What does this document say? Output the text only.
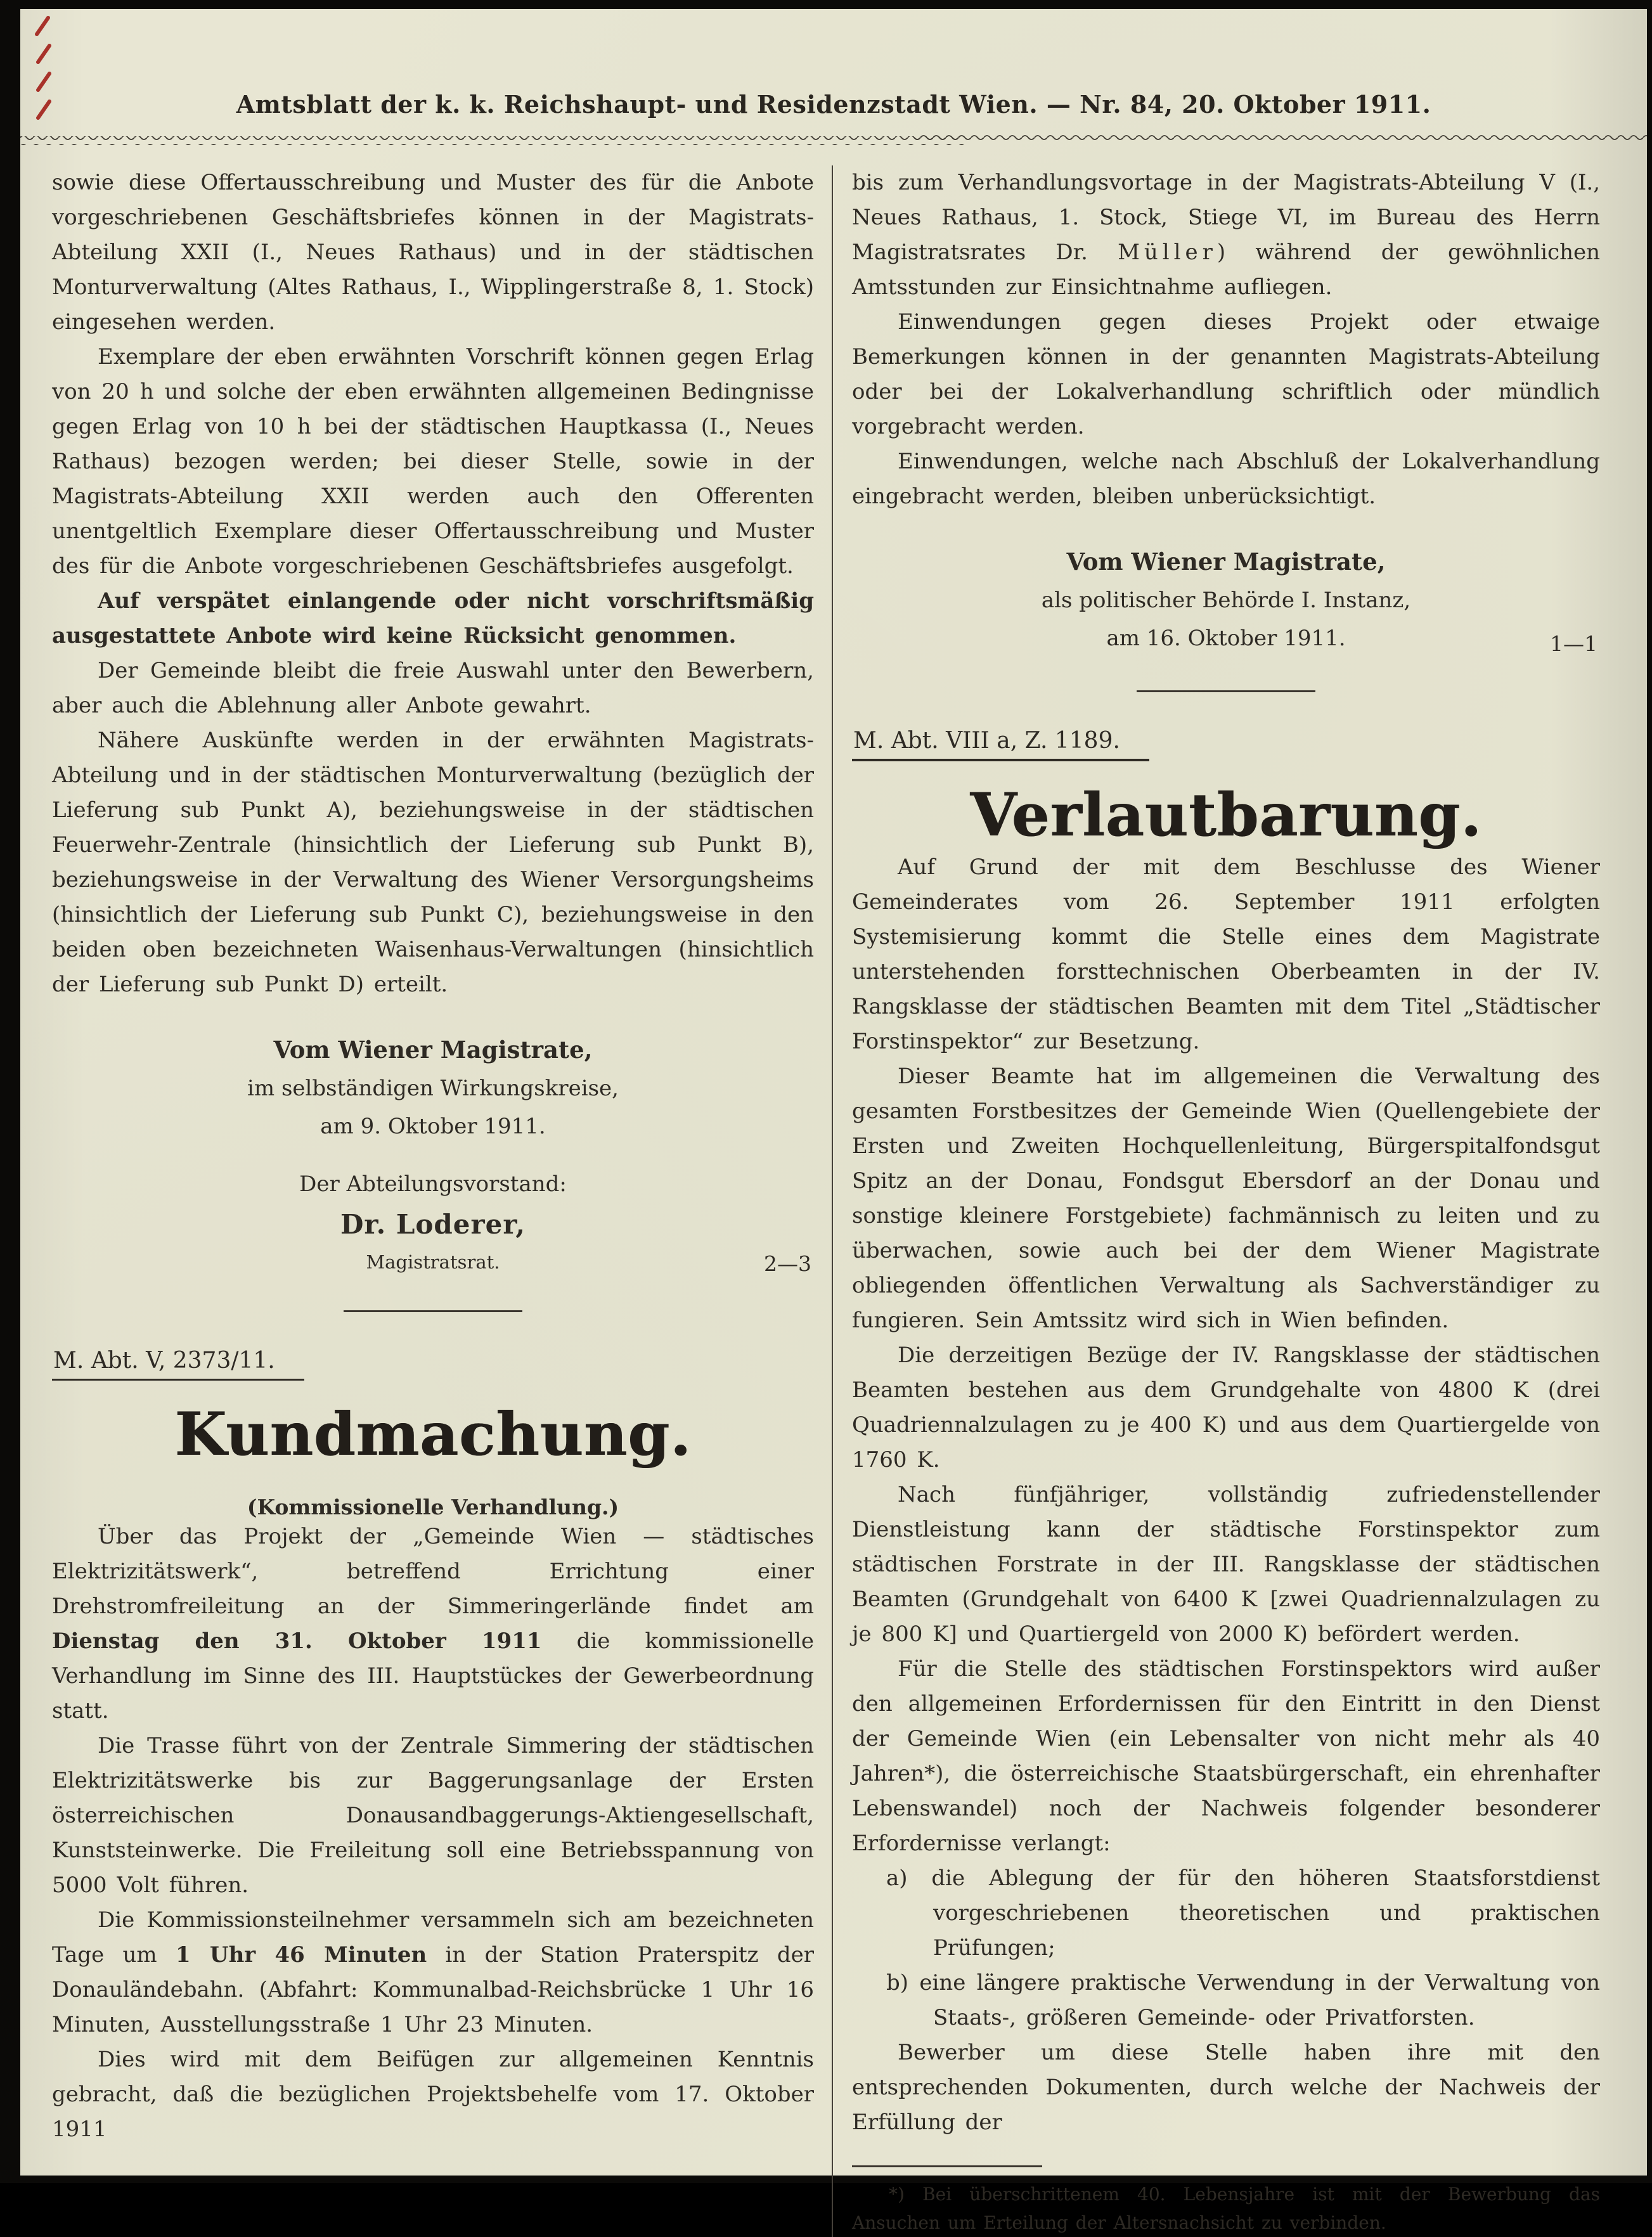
Amtsblatt der k. k. Reichshaupt- und Residenzstadt Wien. — Nr. 84, 20. Oktober 1911.

sowie diese Offertausschreibung und Muster des für die Anbote vorgeschriebenen Geschäftsbriefes können in der Magistrats-Abteilung XXII (I., Neues Rathaus) und in der städtischen Monturverwaltung (Altes Rathaus, I., Wipplingerstraße 8, 1. Stock) eingesehen werden.

Exemplare der eben erwähnten Vorschrift können gegen Erlag von 20 h und solche der eben erwähnten allgemeinen Bedingnisse gegen Erlag von 10 h bei der städtischen Hauptkassa (I., Neues Rathaus) bezogen werden; bei dieser Stelle, sowie in der Magistrats-Abteilung XXII werden auch den Offerenten unentgeltlich Exemplare dieser Offertausschreibung und Muster des für die Anbote vorgeschriebenen Geschäftsbriefes ausgefolgt.

Auf verspätet einlangende oder nicht vorschriftsmäßig ausgestattete Anbote wird keine Rücksicht genommen.

Der Gemeinde bleibt die freie Auswahl unter den Bewerbern, aber auch die Ablehnung aller Anbote gewahrt.

Nähere Auskünfte werden in der erwähnten Magistrats-Abteilung und in der städtischen Monturverwaltung (bezüglich der Lieferung sub Punkt A), beziehungsweise in der städtischen Feuerwehr-Zentrale (hinsichtlich der Lieferung sub Punkt B), beziehungsweise in der Verwaltung des Wiener Versorgungsheims (hinsichtlich der Lieferung sub Punkt C), beziehungsweise in den beiden oben bezeichneten Waisenhaus-Verwaltungen (hinsichtlich der Lieferung sub Punkt D) erteilt.

Vom Wiener Magistrate,
im selbständigen Wirkungskreise,
am 9. Oktober 1911.
Der Abteilungsvorstand:
Dr. Loderer,
Magistratsrat.	2—3
M. Abt. V, 2373/11.
Kundmachung.
(Kommissionelle Verhandlung.)

Über das Projekt der „Gemeinde Wien — städtisches Elektrizitätswerk“, betreffend Errichtung einer Drehstromfreileitung an der Simmeringerlände findet am Dienstag den 31. Oktober 1911 die kommissionelle Verhandlung im Sinne des III. Hauptstückes der Gewerbeordnung statt.

Die Trasse führt von der Zentrale Simmering der städtischen Elektrizitätswerke bis zur Baggerungsanlage der Ersten österreichischen Donausandbaggerungs-Aktiengesellschaft, Kunststeinwerke. Die Freileitung soll eine Betriebsspannung von 5000 Volt führen.

Die Kommissionsteilnehmer versammeln sich am bezeichneten Tage um 1 Uhr 46 Minuten in der Station Praterspitz der Donauländebahn. (Abfahrt: Kommunalbad-Reichsbrücke 1 Uhr 16 Minuten, Ausstellungsstraße 1 Uhr 23 Minuten.

Dies wird mit dem Beifügen zur allgemeinen Kenntnis gebracht, daß die bezüglichen Projektsbehelfe vom 17. Oktober 1911

bis zum Verhandlungsvortage in der Magistrats-Abteilung V (I., Neues Rathaus, 1. Stock, Stiege VI, im Bureau des Herrn Magistratsrates Dr. Müller) während der gewöhnlichen Amtsstunden zur Einsichtnahme aufliegen.

Einwendungen gegen dieses Projekt oder etwaige Bemerkungen können in der genannten Magistrats-Abteilung oder bei der Lokalverhandlung schriftlich oder mündlich vorgebracht werden.

Einwendungen, welche nach Abschluß der Lokalverhandlung eingebracht werden, bleiben unberücksichtigt.

Vom Wiener Magistrate,
als politischer Behörde I. Instanz,
am 16. Oktober 1911.	1—1
M. Abt. VIII a, Z. 1189.
Verlautbarung.

Auf Grund der mit dem Beschlusse des Wiener Gemeinderates vom 26. September 1911 erfolgten Systemisierung kommt die Stelle eines dem Magistrate unterstehenden forsttechnischen Oberbeamten in der IV. Rangsklasse der städtischen Beamten mit dem Titel „Städtischer Forstinspektor“ zur Besetzung.

Dieser Beamte hat im allgemeinen die Verwaltung des gesamten Forstbesitzes der Gemeinde Wien (Quellengebiete der Ersten und Zweiten Hochquellenleitung, Bürgerspitalfondsgut Spitz an der Donau, Fondsgut Ebersdorf an der Donau und sonstige kleinere Forstgebiete) fachmännisch zu leiten und zu überwachen, sowie auch bei der dem Wiener Magistrate obliegenden öffentlichen Verwaltung als Sachverständiger zu fungieren. Sein Amtssitz wird sich in Wien befinden.

Die derzeitigen Bezüge der IV. Rangsklasse der städtischen Beamten bestehen aus dem Grundgehalte von 4800 K (drei Quadriennalzulagen zu je 400 K) und aus dem Quartiergelde von 1760 K.

Nach fünfjähriger, vollständig zufriedenstellender Dienstleistung kann der städtische Forstinspektor zum städtischen Forstrate in der III. Rangsklasse der städtischen Beamten (Grundgehalt von 6400 K [zwei Quadriennalzulagen zu je 800 K] und Quartiergeld von 2000 K) befördert werden.

Für die Stelle des städtischen Forstinspektors wird außer den allgemeinen Erfordernissen für den Eintritt in den Dienst der Gemeinde Wien (ein Lebensalter von nicht mehr als 40 Jahren*), die österreichische Staatsbürgerschaft, ein ehrenhafter Lebenswandel) noch der Nachweis folgender besonderer Erfordernisse verlangt:

a) die Ablegung der für den höheren Staatsforstdienst vorgeschriebenen theoretischen und praktischen Prüfungen;

b) eine längere praktische Verwendung in der Verwaltung von Staats-, größeren Gemeinde- oder Privatforsten.

Bewerber um diese Stelle haben ihre mit den entsprechenden Dokumenten, durch welche der Nachweis der Erfüllung der

*) Bei überschrittenem 40. Lebensjahre ist mit der Bewerbung das Ansuchen um Erteilung der Altersnachsicht zu verbinden.
